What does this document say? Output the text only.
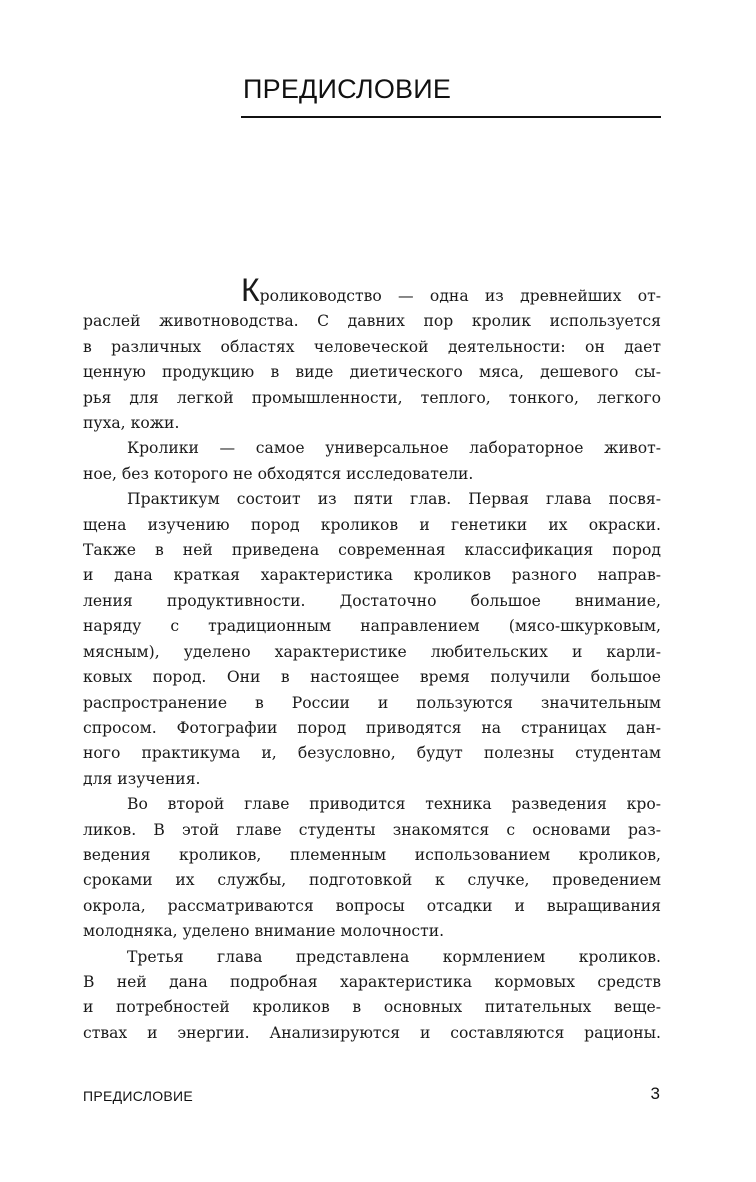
ПРЕДИСЛОВИЕ

Кролиководство — одна из древнейших от-
раслей животноводства. С давних пор кролик используется
в различных областях человеческой деятельности: он дает
ценную продукцию в виде диетического мяса, дешевого сы-
рья для легкой промышленности, теплого, тонкого, легкого
пуха, кожи.

Кролики — самое универсальное лабораторное живот-
ное, без которого не обходятся исследователи.

Практикум состоит из пяти глав. Первая глава посвя-
щена изучению пород кроликов и генетики их окраски.
Также в ней приведена современная классификация пород
и дана краткая характеристика кроликов разного направ-
ления продуктивности. Достаточно большое внимание,
наряду с традиционным направлением (мясо-шкурковым,
мясным), уделено характеристике любительских и карли-
ковых пород. Они в настоящее время получили большое
распространение в России и пользуются значительным
спросом. Фотографии пород приводятся на страницах дан-
ного практикума и, безусловно, будут полезны студентам
для изучения.

Во второй главе приводится техника разведения кро-
ликов. В этой главе студенты знакомятся с основами раз-
ведения кроликов, племенным использованием кроликов,
сроками их службы, подготовкой к случке, проведением
окрола, рассматриваются вопросы отсадки и выращивания
молодняка, уделено внимание молочности.

Третья глава представлена кормлением кроликов.
В ней дана подробная характеристика кормовых средств
и потребностей кроликов в основных питательных веще-
ствах и энергии. Анализируются и составляются рационы.

ПРЕДИСЛОВИЕ	3
